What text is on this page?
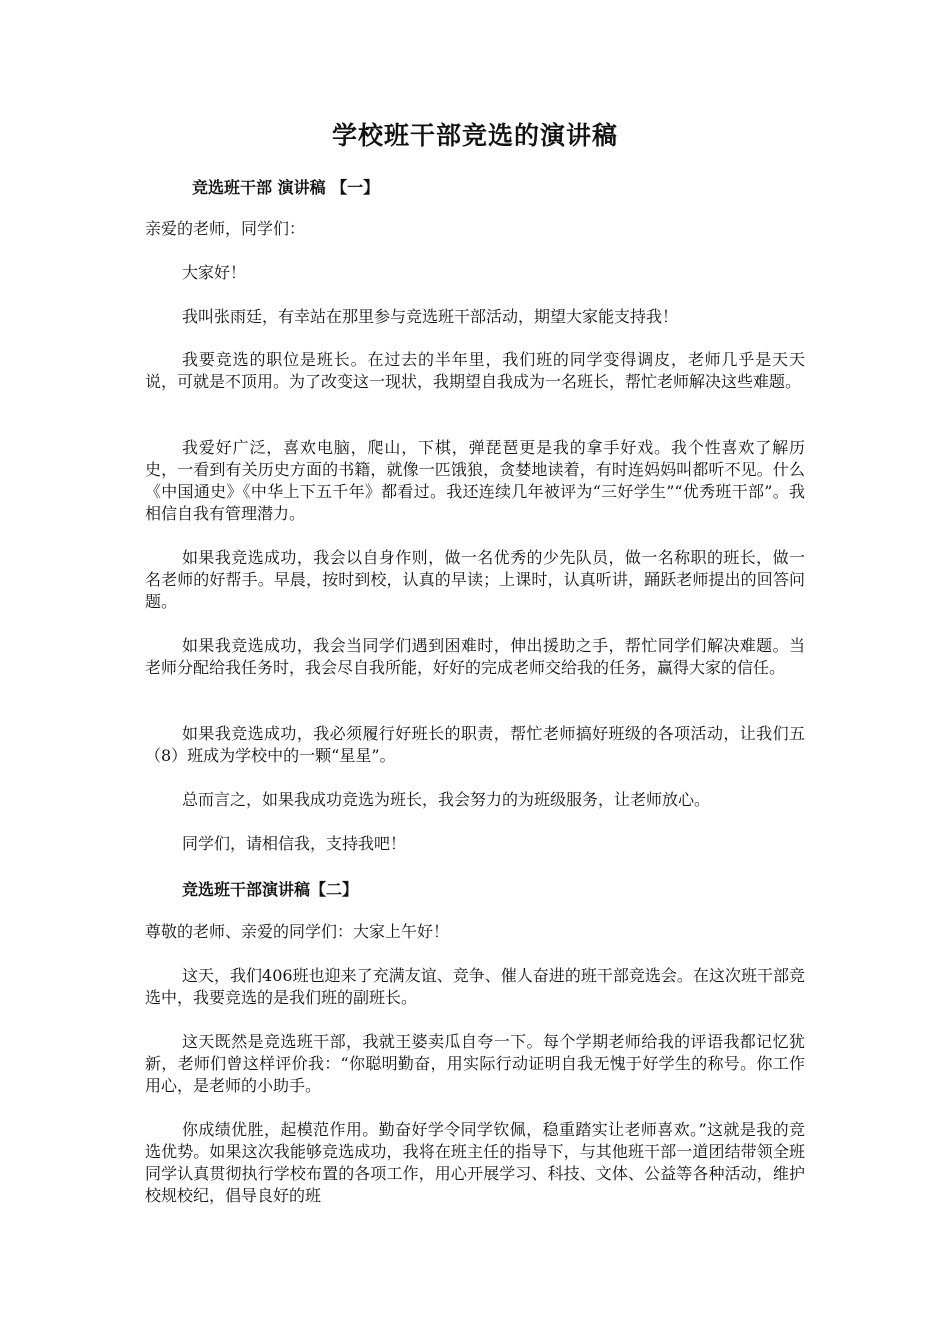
学校班干部竞选的演讲稿
竞选班干部 演讲稿 【一】

亲爱的老师，同学们：

大家好！

我叫张雨廷，有幸站在那里参与竞选班干部活动，期望大家能支持我！

我要竞选的职位是班长。在过去的半年里，我们班的同学变得调皮，老师几乎是天天说，可就是不顶用。为了改变这一现状，我期望自我成为一名班长，帮忙老师解决这些难题。

我爱好广泛，喜欢电脑，爬山，下棋，弹琵琶更是我的拿手好戏。我个性喜欢了解历史，一看到有关历史方面的书籍，就像一匹饿狼，贪婪地读着，有时连妈妈叫都听不见。什么《中国通史》《中华上下五千年》都看过。我还连续几年被评为“三好学生”“优秀班干部”。我相信自我有管理潜力。

如果我竞选成功，我会以自身作则，做一名优秀的少先队员，做一名称职的班长，做一名老师的好帮手。早晨，按时到校，认真的早读；上课时，认真听讲，踊跃老师提出的回答问题。

如果我竞选成功，我会当同学们遇到困难时，伸出援助之手，帮忙同学们解决难题。当老师分配给我任务时，我会尽自我所能，好好的完成老师交给我的任务，赢得大家的信任。

如果我竞选成功，我必须履行好班长的职责，帮忙老师搞好班级的各项活动，让我们五（8）班成为学校中的一颗“星星”。

总而言之，如果我成功竞选为班长，我会努力的为班级服务，让老师放心。

同学们，请相信我，支持我吧！

竞选班干部演讲稿【二】

尊敬的老师、亲爱的同学们：大家上午好！

这天，我们406班也迎来了充满友谊、竞争、催人奋进的班干部竞选会。在这次班干部竞选中，我要竞选的是我们班的副班长。

这天既然是竞选班干部，我就王婆卖瓜自夸一下。每个学期老师给我的评语我都记忆犹新，老师们曾这样评价我：“你聪明勤奋，用实际行动证明自我无愧于好学生的称号。你工作用心，是老师的小助手。

你成绩优胜，起模范作用。勤奋好学令同学钦佩，稳重踏实让老师喜欢。”这就是我的竞选优势。如果这次我能够竞选成功，我将在班主任的指导下，与其他班干部一道团结带领全班同学认真贯彻执行学校布置的各项工作，用心开展学习、科技、文体、公益等各种活动，维护校规校纪，倡导良好的班
